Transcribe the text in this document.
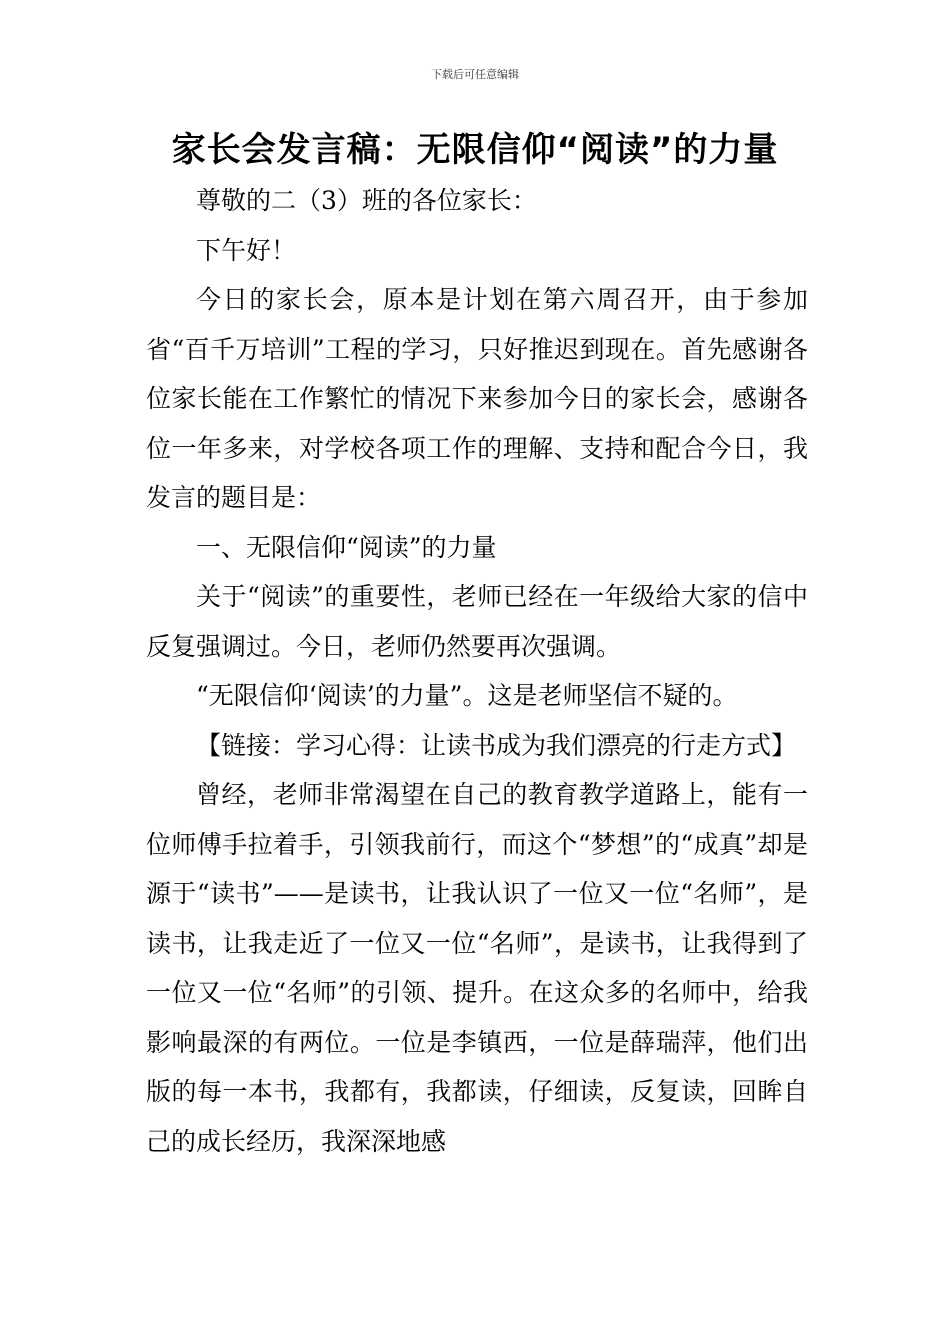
下载后可任意编辑
家长会发言稿：无限信仰“阅读”的力量

尊敬的二（3）班的各位家长：

下午好！

今日的家长会，原本是计划在第六周召开，由于参加省“百千万培训”工程的学习，只好推迟到现在。首先感谢各位家长能在工作繁忙的情况下来参加今日的家长会，感谢各位一年多来，对学校各项工作的理解、支持和配合今日，我发言的题目是：

一、无限信仰“阅读”的力量

关于“阅读”的重要性，老师已经在一年级给大家的信中反复强调过。今日，老师仍然要再次强调。

“无限信仰‘阅读’的力量”。这是老师坚信不疑的。

【链接：学习心得：让读书成为我们漂亮的行走方式】

曾经，老师非常渴望在自己的教育教学道路上，能有一位师傅手拉着手，引领我前行，而这个“梦想”的“成真”却是源于“读书”——是读书，让我认识了一位又一位“名师”，是读书，让我走近了一位又一位“名师”，是读书，让我得到了一位又一位“名师”的引领、提升。在这众多的名师中，给我影响最深的有两位。一位是李镇西，一位是薛瑞萍，他们出版的每一本书，我都有，我都读，仔细读，反复读，回眸自己的成长经历，我深深地感
